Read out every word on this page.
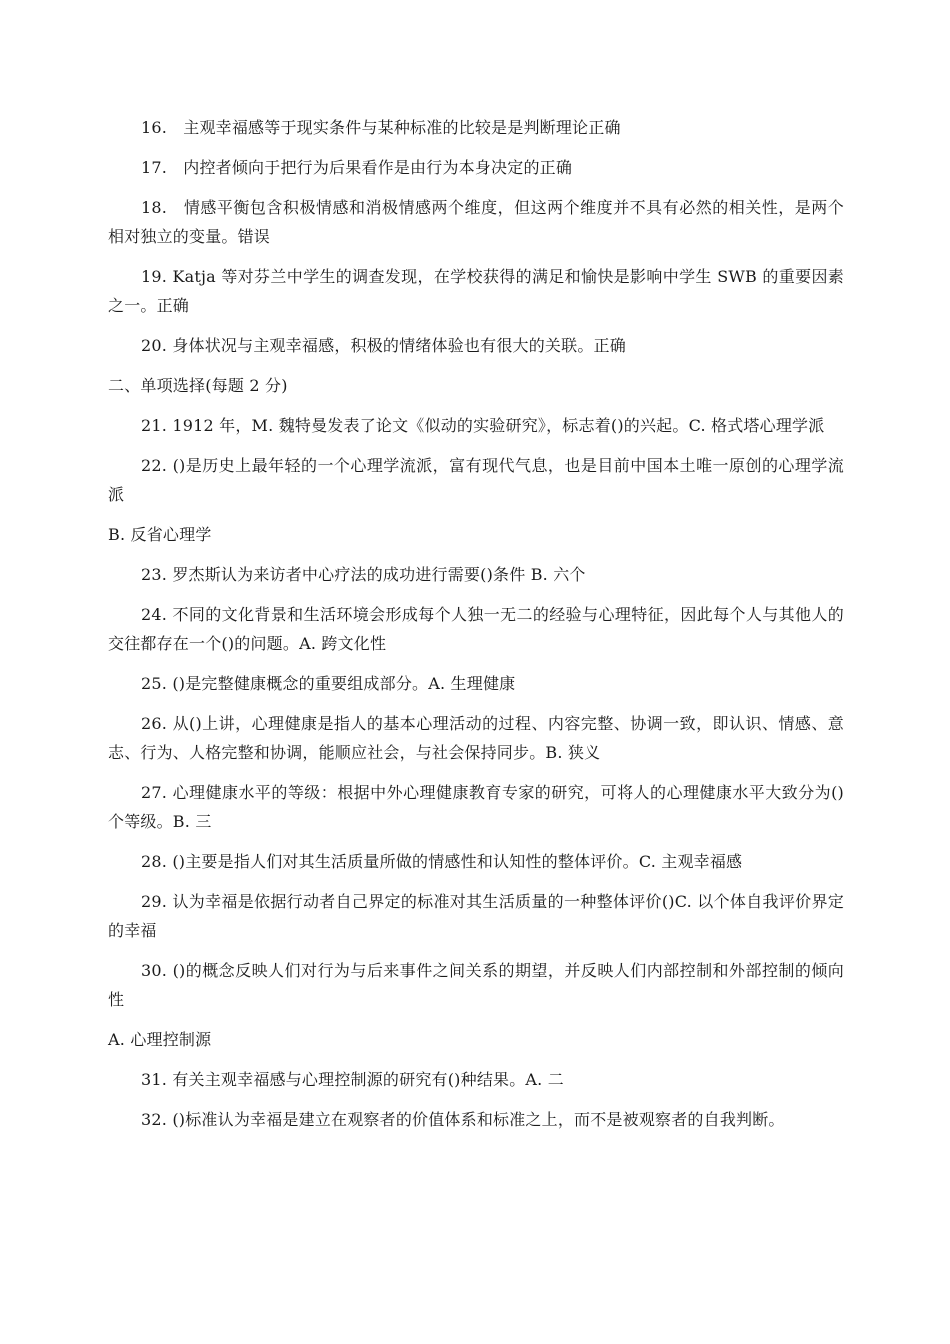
16.　主观幸福感等于现实条件与某种标准的比较是是判断理论正确

17.　内控者倾向于把行为后果看作是由行为本身决定的正确

18.　情感平衡包含积极情感和消极情感两个维度，但这两个维度并不具有必然的相关性，是两个相对独立的变量。错误

19. Katja 等对芬兰中学生的调查发现，在学校获得的满足和愉快是影响中学生 SWB 的重要因素之一。正确

20. 身体状况与主观幸福感，积极的情绪体验也有很大的关联。正确

二、单项选择(每题 2 分)

21. 1912 年，M. 魏特曼发表了论文《似动的实验研究》，标志着()的兴起。C. 格式塔心理学派

22. ()是历史上最年轻的一个心理学流派，富有现代气息，也是目前中国本土唯一原创的心理学流派

B. 反省心理学

23. 罗杰斯认为来访者中心疗法的成功进行需要()条件 B. 六个

24. 不同的文化背景和生活环境会形成每个人独一无二的经验与心理特征，因此每个人与其他人的交往都存在一个()的问题。A. 跨文化性

25. ()是完整健康概念的重要组成部分。A. 生理健康

26. 从()上讲，心理健康是指人的基本心理活动的过程、内容完整、协调一致，即认识、情感、意志、行为、人格完整和协调，能顺应社会，与社会保持同步。B. 狭义

27. 心理健康水平的等级：根据中外心理健康教育专家的研究，可将人的心理健康水平大致分为()个等级。B. 三

28. ()主要是指人们对其生活质量所做的情感性和认知性的整体评价。C. 主观幸福感

29. 认为幸福是依据行动者自己界定的标准对其生活质量的一种整体评价()C. 以个体自我评价界定的幸福

30. ()的概念反映人们对行为与后来事件之间关系的期望，并反映人们内部控制和外部控制的倾向性

A. 心理控制源

31. 有关主观幸福感与心理控制源的研究有()种结果。A. 二

32. ()标准认为幸福是建立在观察者的价值体系和标准之上，而不是被观察者的自我判断。
